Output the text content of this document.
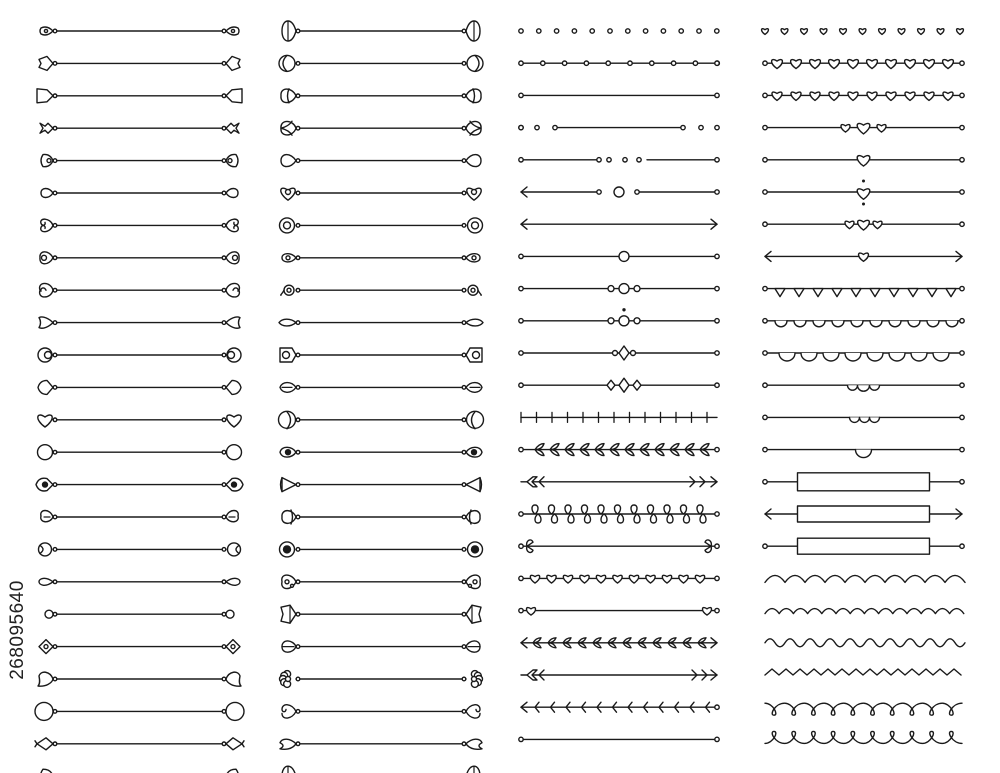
268095640
